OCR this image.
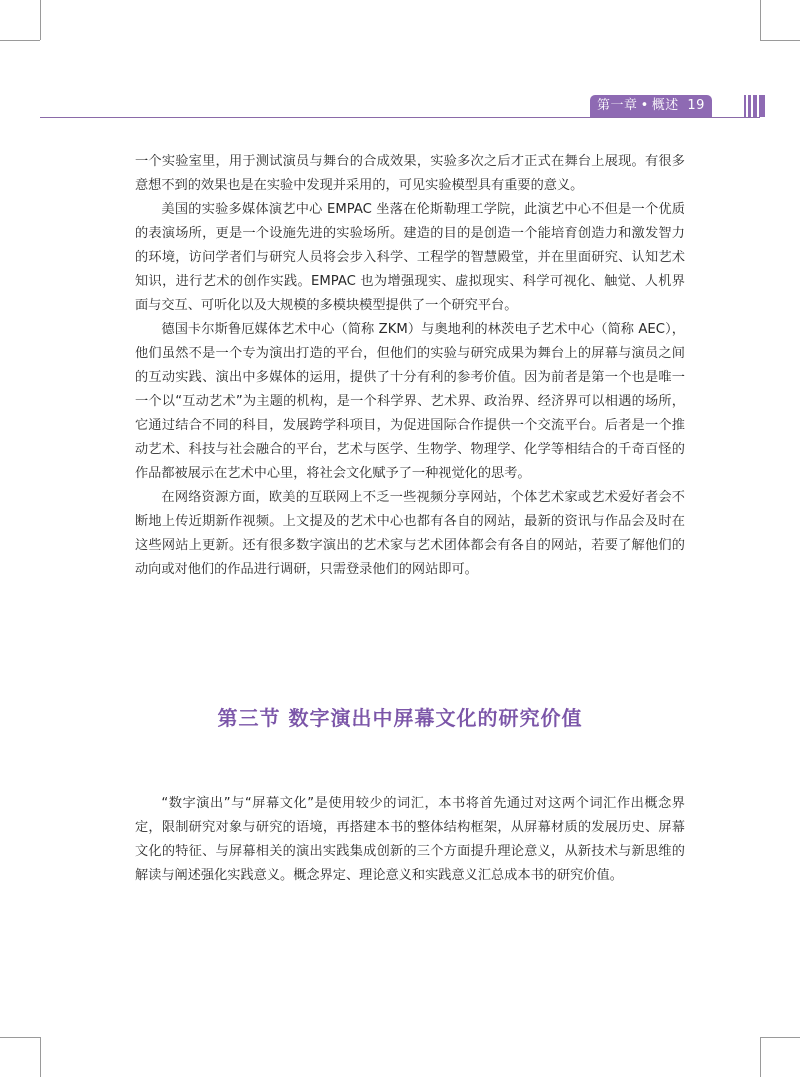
第一章 • 概述 19

一个实验室里，用于测试演员与舞台的合成效果，实验多次之后才正式在舞台上展现。有很多意想不到的效果也是在实验中发现并采用的，可见实验模型具有重要的意义。

美国的实验多媒体演艺中心 EMPAC 坐落在伦斯勒理工学院，此演艺中心不但是一个优质的表演场所，更是一个设施先进的实验场所。建造的目的是创造一个能培育创造力和激发智力的环境，访问学者们与研究人员将会步入科学、工程学的智慧殿堂，并在里面研究、认知艺术知识，进行艺术的创作实践。EMPAC 也为增强现实、虚拟现实、科学可视化、触觉、人机界面与交互、可听化以及大规模的多模块模型提供了一个研究平台。

德国卡尔斯鲁厄媒体艺术中心（简称 ZKM）与奥地利的林茨电子艺术中心（简称 AEC），他们虽然不是一个专为演出打造的平台，但他们的实验与研究成果为舞台上的屏幕与演员之间的互动实践、演出中多媒体的运用，提供了十分有利的参考价值。因为前者是第一个也是唯一一个以“互动艺术”为主题的机构，是一个科学界、艺术界、政治界、经济界可以相遇的场所，它通过结合不同的科目，发展跨学科项目，为促进国际合作提供一个交流平台。后者是一个推动艺术、科技与社会融合的平台，艺术与医学、生物学、物理学、化学等相结合的千奇百怪的作品都被展示在艺术中心里，将社会文化赋予了一种视觉化的思考。

在网络资源方面，欧美的互联网上不乏一些视频分享网站，个体艺术家或艺术爱好者会不断地上传近期新作视频。上文提及的艺术中心也都有各自的网站，最新的资讯与作品会及时在这些网站上更新。还有很多数字演出的艺术家与艺术团体都会有各自的网站，若要了解他们的动向或对他们的作品进行调研，只需登录他们的网站即可。

第三节 数字演出中屏幕文化的研究价值

“数字演出”与“屏幕文化”是使用较少的词汇，本书将首先通过对这两个词汇作出概念界定，限制研究对象与研究的语境，再搭建本书的整体结构框架，从屏幕材质的发展历史、屏幕文化的特征、与屏幕相关的演出实践集成创新的三个方面提升理论意义，从新技术与新思维的解读与阐述强化实践意义。概念界定、理论意义和实践意义汇总成本书的研究价值。
